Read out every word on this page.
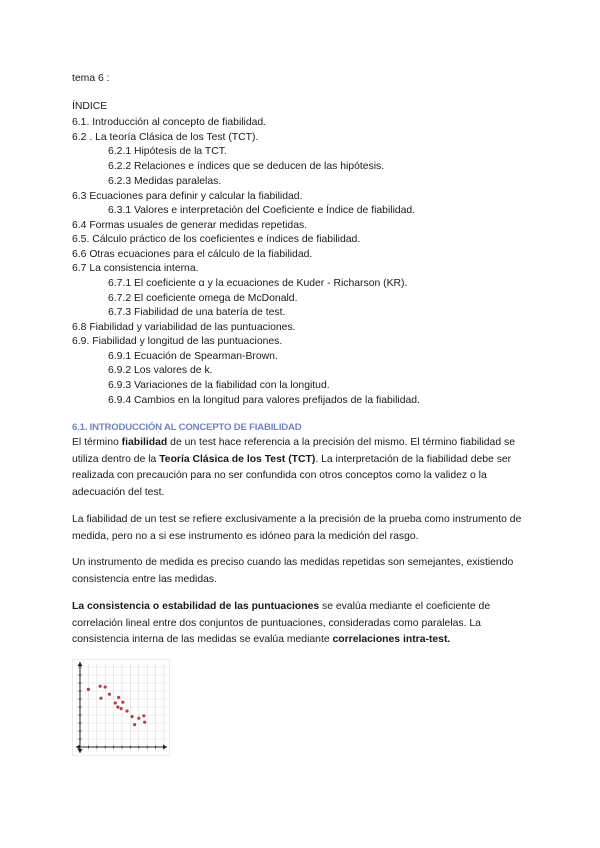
tema 6 :
ÍNDICE
6.1. Introducción al concepto de fiabilidad.
6.2 . La teoría Clásica de los Test (TCT).
6.2.1 Hipótesis de la TCT.
6.2.2 Relaciones e índices que se deducen de las hipótesis.
6.2.3 Medidas paralelas.
6.3 Ecuaciones para definir y calcular la fiabilidad.
6.3.1 Valores e interpretación del Coeficiente e Índice de fiabilidad.
6.4 Formas usuales de generar medidas repetidas.
6.5. Cálculo práctico de los coeficientes e índices de fiabilidad.
6.6 Otras ecuaciones para el cálculo de la fiabilidad.
6.7 La consistencia interna.
6.7.1 El coeficiente α y la ecuaciones de Kuder - Richarson (KR).
6.7.2 El coeficiente omega de McDonald.
6.7.3 Fiabilidad de una batería de test.
6.8 Fiabilidad y variabilidad de las puntuaciones.
6.9. Fiabilidad y longitud de las puntuaciones.
6.9.1 Ecuación de Spearman-Brown.
6.9.2 Los valores de k.
6.9.3 Variaciones de la fiabilidad con la longitud.
6.9.4 Cambios en la longitud para valores prefijados de la fiabilidad.
6.1. INTRODUCCIÓN AL CONCEPTO DE FIABILIDAD
El término fiabilidad de un test hace referencia a la precisión del mismo. El término fiabilidad se utiliza dentro de la Teoría Clásica de los Test (TCT). La interpretación de la fiabilidad debe ser realizada con precaución para no ser confundida con otros conceptos como la validez o la adecuación del test.
La fiabilidad de un test se refiere exclusivamente a la precisión de la prueba como instrumento de medida, pero no a si ese instrumento es idóneo para la medición del rasgo.
Un instrumento de medida es preciso cuando las medidas repetidas son semejantes, existiendo consistencia entre las medidas.
La consistencia o estabilidad de las puntuaciones se evalúa mediante el coeficiente de correlación lineal entre dos conjuntos de puntuaciones, consideradas como paralelas. La consistencia interna de las medidas se evalúa mediante correlaciones intra-test.
